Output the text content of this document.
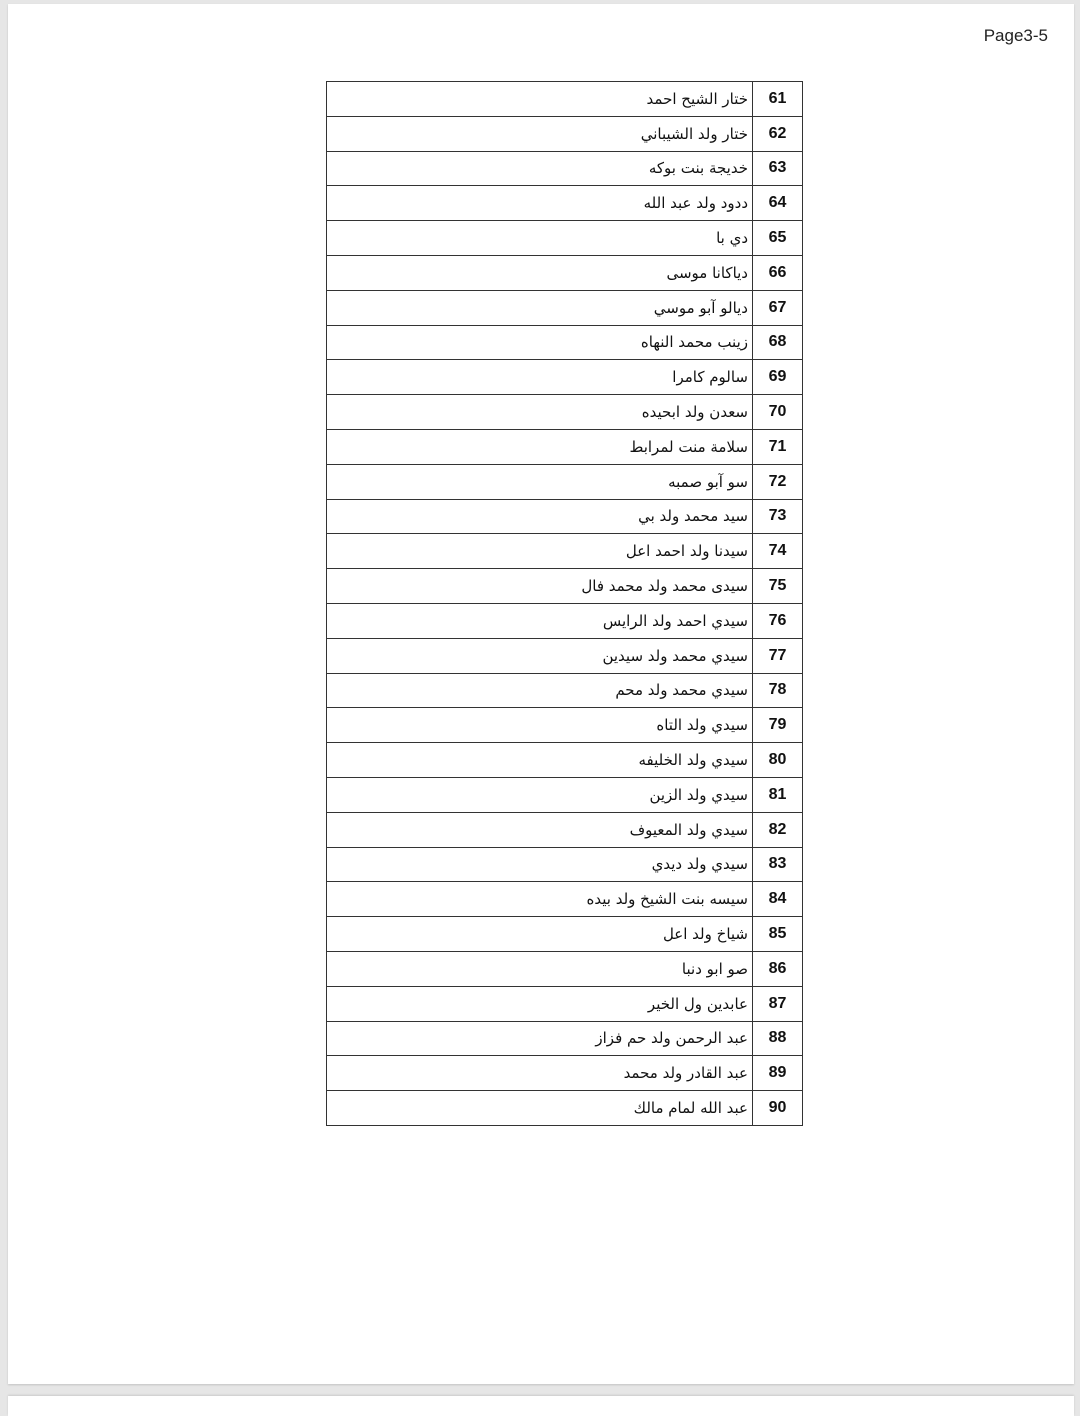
Page3-5
61	ختار الشيح احمد
62	ختار ولد الشيباني
63	خديجة بنت بوكه
64	ددود ولد عبد الله
65	دي با
66	دياكانا موسى
67	ديالو آبو موسي
68	زينب محمد النهاه
69	سالوم كامرا
70	سعدن ولد ابحيده
71	سلامة منت لمرابط
72	سو آبو صمبه
73	سيد محمد ولد بي
74	سيدنا ولد احمد اعل
75	سيدى محمد ولد محمد فال
76	سيدي احمد ولد الرايس
77	سيدي محمد ولد سيدين
78	سيدي محمد ولد محم
79	سيدي ولد التاه
80	سيدي ولد الخليفه
81	سيدي ولد الزين
82	سيدي ولد المعيوف
83	سيدي ولد ديدي
84	سيسه بنت الشيخ ولد بيده
85	شياخ ولد اعل
86	صو ابو دنبا
87	عابدين ول الخير
88	عبد الرحمن ولد حم فزاز
89	عبد القادر ولد محمد
90	عبد الله لمام مالك
